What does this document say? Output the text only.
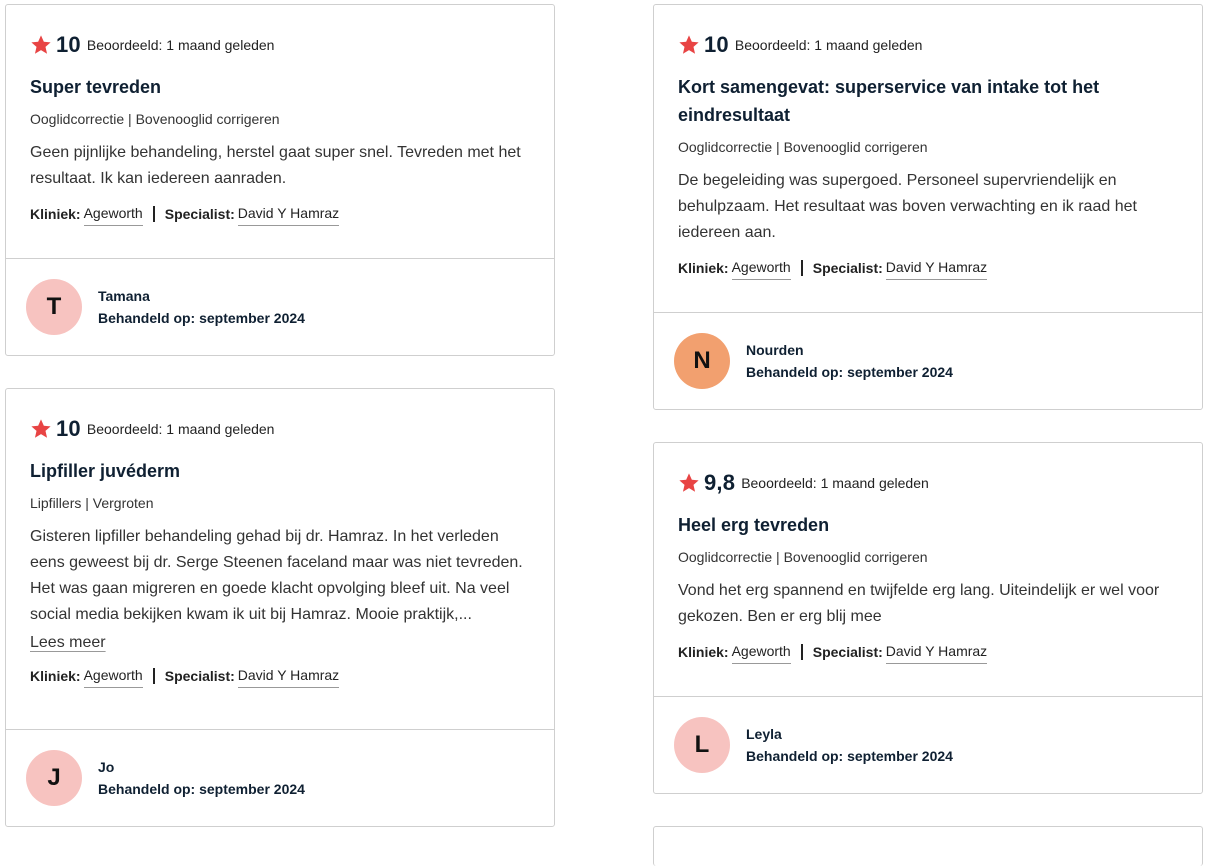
10 Beoordeeld: 1 maand geleden
Super tevreden
Ooglidcorrectie | Bovenooglid corrigeren
Geen pijnlijke behandeling, herstel gaat super snel. Tevreden met het resultaat. Ik kan iedereen aanraden.
Kliniek: Ageworth Specialist: David Y Hamraz
T	Tamana
Behandeld op: september 2024
10 Beoordeeld: 1 maand geleden
Lipfiller juvéderm
Lipfillers | Vergroten
Gisteren lipfiller behandeling gehad bij dr. Hamraz. In het verleden eens geweest bij dr. Serge Steenen faceland maar was niet tevreden. Het was gaan migreren en goede klacht opvolging bleef uit. Na veel social media bekijken kwam ik uit bij Hamraz. Mooie praktijk,...
Lees meer
Kliniek: Ageworth Specialist: David Y Hamraz
J	Jo
Behandeld op: september 2024
10 Beoordeeld: 1 maand geleden
Kort samengevat: superservice van intake tot het eindresultaat
Ooglidcorrectie | Bovenooglid corrigeren
De begeleiding was supergoed. Personeel supervriendelijk en behulpzaam. Het resultaat was boven verwachting en ik raad het iedereen aan.
Kliniek: Ageworth Specialist: David Y Hamraz
N	Nourden
Behandeld op: september 2024
9,8 Beoordeeld: 1 maand geleden
Heel erg tevreden
Ooglidcorrectie | Bovenooglid corrigeren
Vond het erg spannend en twijfelde erg lang. Uiteindelijk er wel voor gekozen. Ben er erg blij mee
Kliniek: Ageworth Specialist: David Y Hamraz
L	Leyla
Behandeld op: september 2024
